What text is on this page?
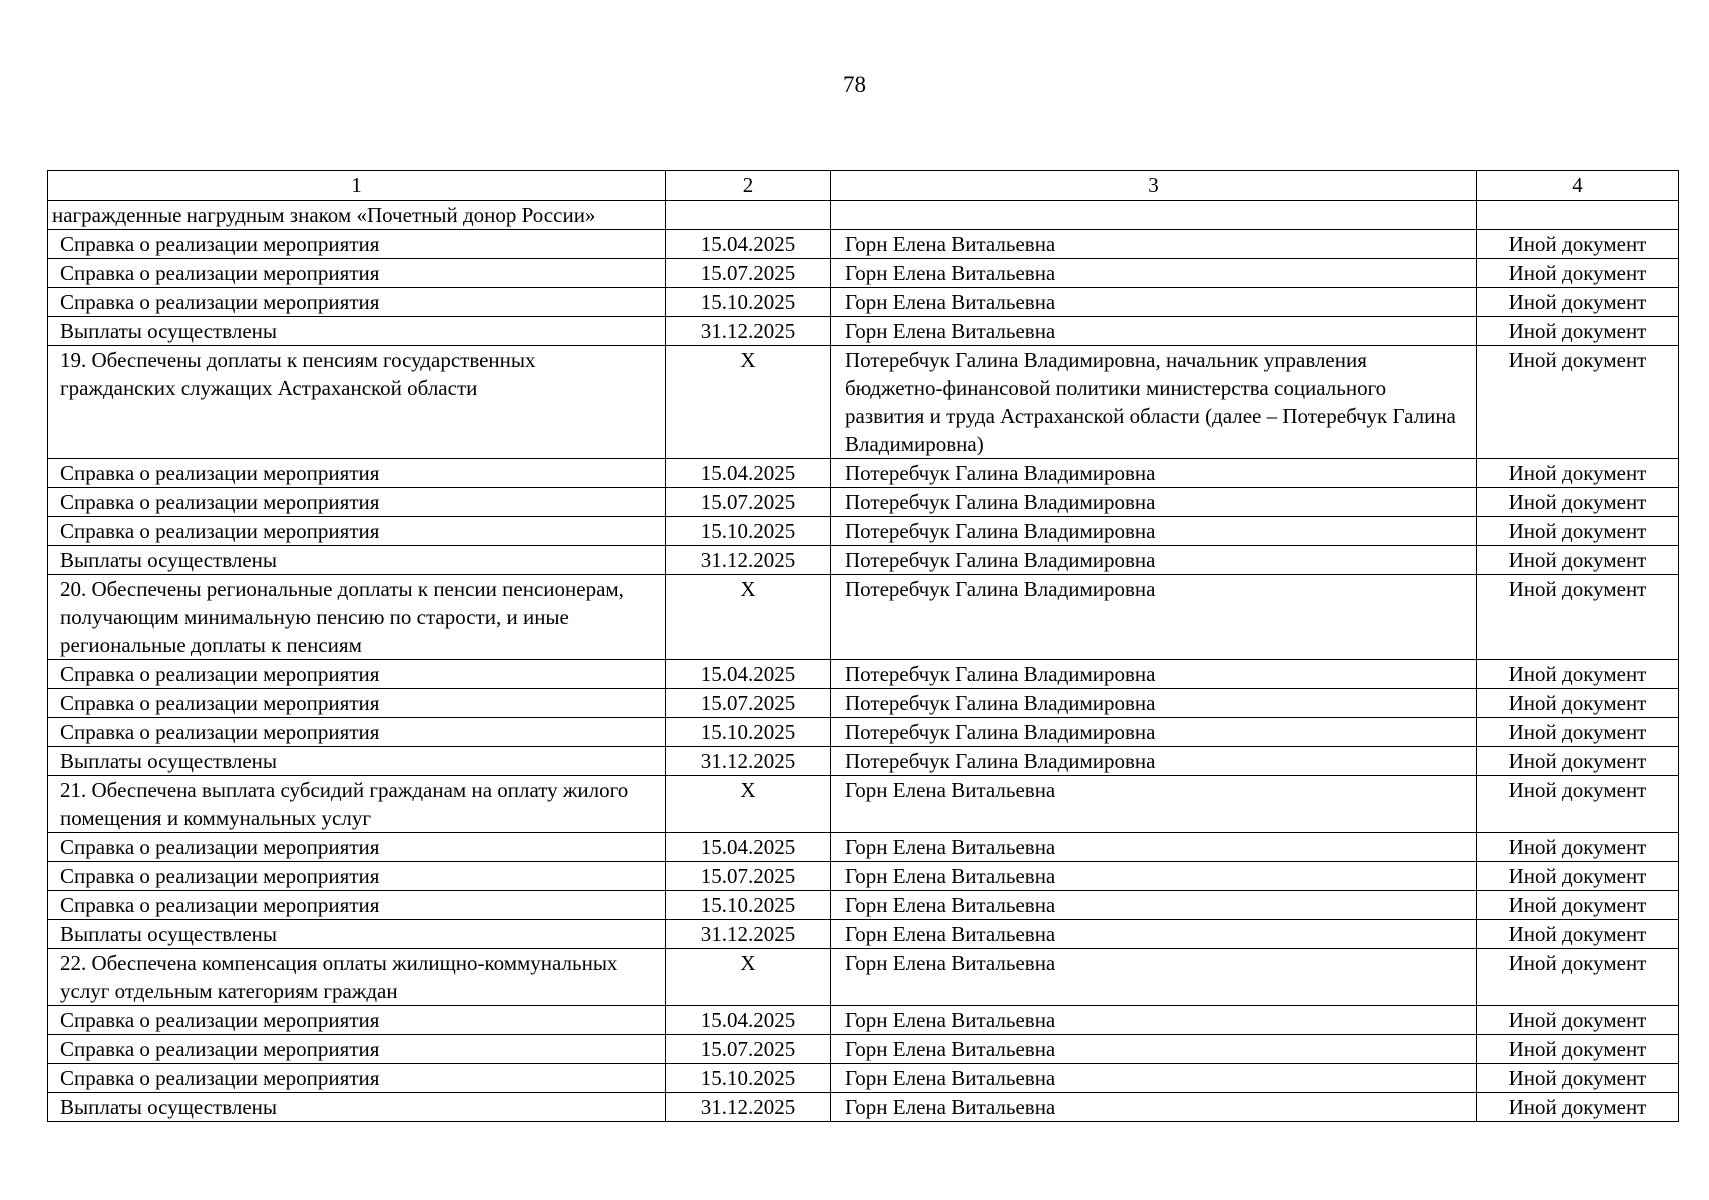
78
1	2	3	4
награжденные нагрудным знаком «Почетный донор России»			
Справка о реализации мероприятия	15.04.2025	Горн Елена Витальевна	Иной документ
Справка о реализации мероприятия	15.07.2025	Горн Елена Витальевна	Иной документ
Справка о реализации мероприятия	15.10.2025	Горн Елена Витальевна	Иной документ
Выплаты осуществлены	31.12.2025	Горн Елена Витальевна	Иной документ
19. Обеспечены доплаты к пенсиям государственных гражданских служащих Астраханской области	X	Потеребчук Галина Владимировна, начальник управления бюджетно-финансовой политики министерства социального развития и труда Астраханской области (далее – Потеребчук Галина Владимировна)	Иной документ
Справка о реализации мероприятия	15.04.2025	Потеребчук Галина Владимировна	Иной документ
Справка о реализации мероприятия	15.07.2025	Потеребчук Галина Владимировна	Иной документ
Справка о реализации мероприятия	15.10.2025	Потеребчук Галина Владимировна	Иной документ
Выплаты осуществлены	31.12.2025	Потеребчук Галина Владимировна	Иной документ
20. Обеспечены региональные доплаты к пенсии пенсионерам, получающим минимальную пенсию по старости, и иные региональные доплаты к пенсиям	X	Потеребчук Галина Владимировна	Иной документ
Справка о реализации мероприятия	15.04.2025	Потеребчук Галина Владимировна	Иной документ
Справка о реализации мероприятия	15.07.2025	Потеребчук Галина Владимировна	Иной документ
Справка о реализации мероприятия	15.10.2025	Потеребчук Галина Владимировна	Иной документ
Выплаты осуществлены	31.12.2025	Потеребчук Галина Владимировна	Иной документ
21. Обеспечена выплата субсидий гражданам на оплату жилого помещения и коммунальных услуг	X	Горн Елена Витальевна	Иной документ
Справка о реализации мероприятия	15.04.2025	Горн Елена Витальевна	Иной документ
Справка о реализации мероприятия	15.07.2025	Горн Елена Витальевна	Иной документ
Справка о реализации мероприятия	15.10.2025	Горн Елена Витальевна	Иной документ
Выплаты осуществлены	31.12.2025	Горн Елена Витальевна	Иной документ
22. Обеспечена компенсация оплаты жилищно-коммунальных услуг отдельным категориям граждан	X	Горн Елена Витальевна	Иной документ
Справка о реализации мероприятия	15.04.2025	Горн Елена Витальевна	Иной документ
Справка о реализации мероприятия	15.07.2025	Горн Елена Витальевна	Иной документ
Справка о реализации мероприятия	15.10.2025	Горн Елена Витальевна	Иной документ
Выплаты осуществлены	31.12.2025	Горн Елена Витальевна	Иной документ
